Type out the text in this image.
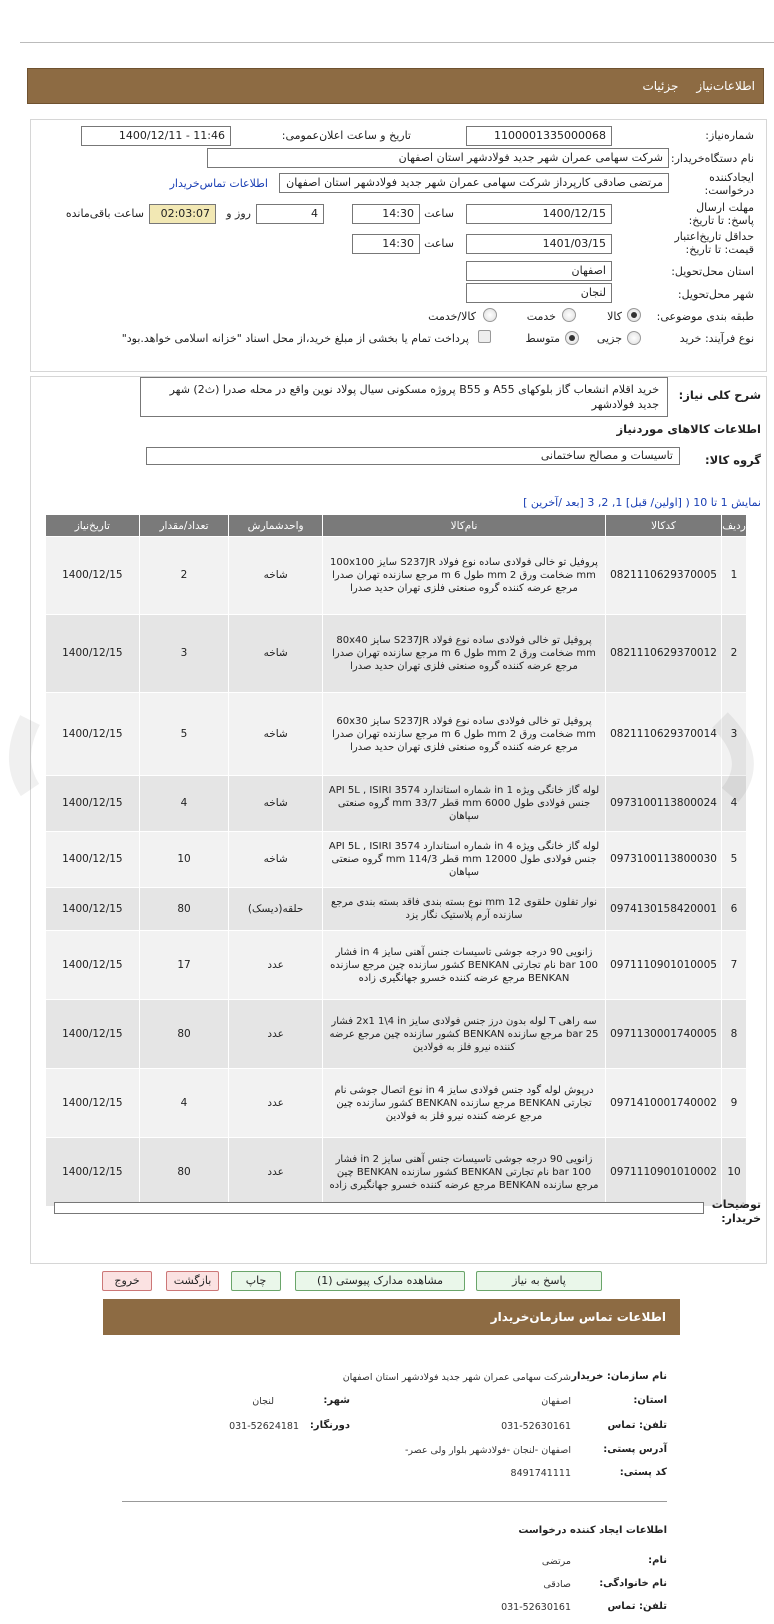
اطلاعات‌نیاز
جزئیات
شماره‌نیاز:
1100001335000068
تاریخ و ساعت اعلان‌عمومی:
1400/12/11 - 11:46
نام دستگاه‌خریدار:
شرکت سهامی عمران شهر جدید فولادشهر استان اصفهان
ایجادکننده درخواست:
مرتضی صادقی کارپرداز شرکت سهامی عمران شهر جدید فولادشهر استان اصفهان
اطلاعات تماس‌خریدار
مهلت ارسال پاسخ: تا تاریخ:
1400/12/15
ساعت
14:30
4
روز و
02:03:07
ساعت باقی‌مانده
حداقل تاریخ‌اعتبار قیمت: تا تاریخ:
1401/03/15
ساعت
14:30
استان محل‌تحویل:
اصفهان
شهر محل‌تحویل:
لنجان
طبقه بندی موضوعی:
کالا
خدمت
کالا/خدمت
نوع فرآیند: خرید
جزیی
متوسط
پرداخت تمام یا بخشی از مبلغ خرید،از محل اسناد "خزانه اسلامی خواهد.بود"
شرح کلی نیاز:
خرید اقلام انشعاب گاز بلوکهای A55 و B55 پروژه مسکونی سیال پولاد نوین واقع در محله صدرا (ث2) شهر جدید فولادشهر
اطلاعات کالاهای موردنیاز
گروه کالا:
تاسیسات و مصالح ساختمانی
نمایش 1 تا 10 ( [اولین/ قبل] 1, 2, 3 [بعد /آخرین ]
ردیف	کدکالا	نام‌کالا	واحدشمارش	تعداد/مقدار	تاریخ‌نیاز
1	0821110629370005	پروفیل تو خالی فولادی ساده نوع فولاد S237JR سایز 100x100 mm ضخامت ورق 2 mm طول 6 m مرجع سازنده تهران صدرا مرجع عرضه کننده گروه صنعتی فلزی تهران حدید صدرا	شاخه	2	1400/12/15
2	0821110629370012	پروفیل تو خالی فولادی ساده نوع فولاد S237JR سایز 80x40 mm ضخامت ورق 2 mm طول 6 m مرجع سازنده تهران صدرا مرجع عرضه کننده گروه صنعتی فلزی تهران حدید صدرا	شاخه	3	1400/12/15
3	0821110629370014	پروفیل تو خالی فولادی ساده نوع فولاد S237JR سایز 60x30 mm ضخامت ورق 2 mm طول 6 m مرجع سازنده تهران صدرا مرجع عرضه کننده گروه صنعتی فلزی تهران حدید صدرا	شاخه	5	1400/12/15
4	0973100113800024	لوله گاز خانگی ویژه 1 in شماره استاندارد API 5L , ISIRI 3574 جنس فولادی طول 6000 mm قطر 33/7 mm گروه صنعتی سپاهان	شاخه	4	1400/12/15
5	0973100113800030	لوله گاز خانگی ویژه 4 in شماره استاندارد API 5L , ISIRI 3574 جنس فولادی طول 12000 mm قطر 114/3 mm گروه صنعتی سپاهان	شاخه	10	1400/12/15
6	0974130158420001	نوار تفلون حلقوی 12 mm نوع بسته بندی فاقد بسته بندی مرجع سازنده آرم پلاستیک نگار یزد	حلقه(دیسک)	80	1400/12/15
7	0971110901010005	زانویی 90 درجه جوشی تاسیسات جنس آهنی سایز 4 in فشار 100 bar نام تجارتی BENKAN کشور سازنده چین مرجع سازنده BENKAN مرجع عرضه کننده خسرو جهانگیری زاده	عدد	17	1400/12/15
8	0971130001740005	سه راهی T لوله بدون درز جنس فولادی سایز 2x1 1\4 in فشار 25 bar مرجع سازنده BENKAN کشور سازنده چین مرجع عرضه کننده نیرو فلز به فولادین	عدد	80	1400/12/15
9	0971410001740002	درپوش لوله گود جنس فولادی سایز 4 in نوع اتصال جوشی نام تجارتی BENKAN مرجع سازنده BENKAN کشور سازنده چین مرجع عرضه کننده نیرو فلز به فولادین	عدد	4	1400/12/15
10	0971110901010002	زانویی 90 درجه جوشی تاسیسات جنس آهنی سایز 2 in فشار 100 bar نام تجارتی BENKAN کشور سازنده BENKAN چین مرجع سازنده BENKAN مرجع عرضه کننده خسرو جهانگیری زاده	عدد	80	1400/12/15
توضیحات خریدار:
پاسخ به نیاز
مشاهده مدارک پیوستی (1)
چاپ
بازگشت
خروج
اطلاعات تماس سازمان‌خریدار
نام سازمان: خریدار
شرکت سهامی عمران شهر جدید فولادشهر استان اصفهان
استان:
اصفهان
شهر:
لنجان
تلفن: تماس
031-52630161
دورنگار:
031-52624181
آدرس پستی:
اصفهان -لنجان -فولادشهر بلوار ولی عصر-
کد پستی:
8491741111
اطلاعات ایجاد کننده درخواست
نام:
مرتضی
نام خانوادگی:
صادقی
تلفن: تماس
031-52630161
